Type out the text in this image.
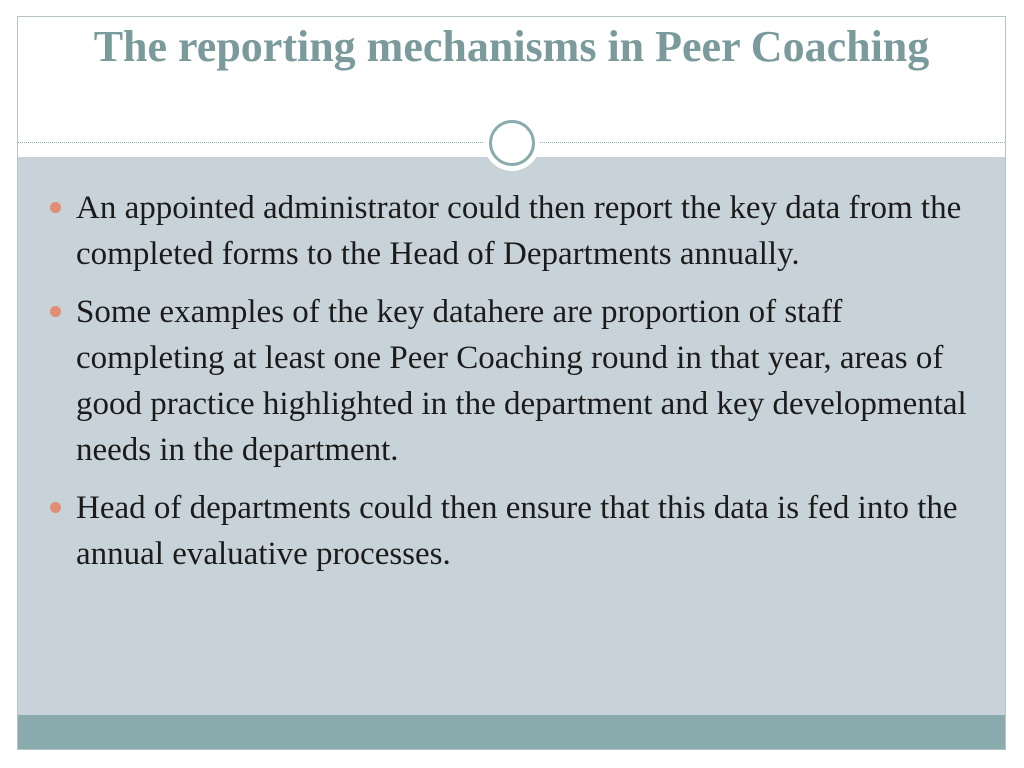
The reporting mechanisms in Peer Coaching
An appointed administrator could then report the key data from the completed forms to the Head of Departments annually.
Some examples of the key datahere are proportion of staff completing at least one Peer Coaching round in that year, areas of good practice highlighted in the department and key developmental needs in the department.
Head of departments could then ensure that this data is fed into the annual evaluative processes.
